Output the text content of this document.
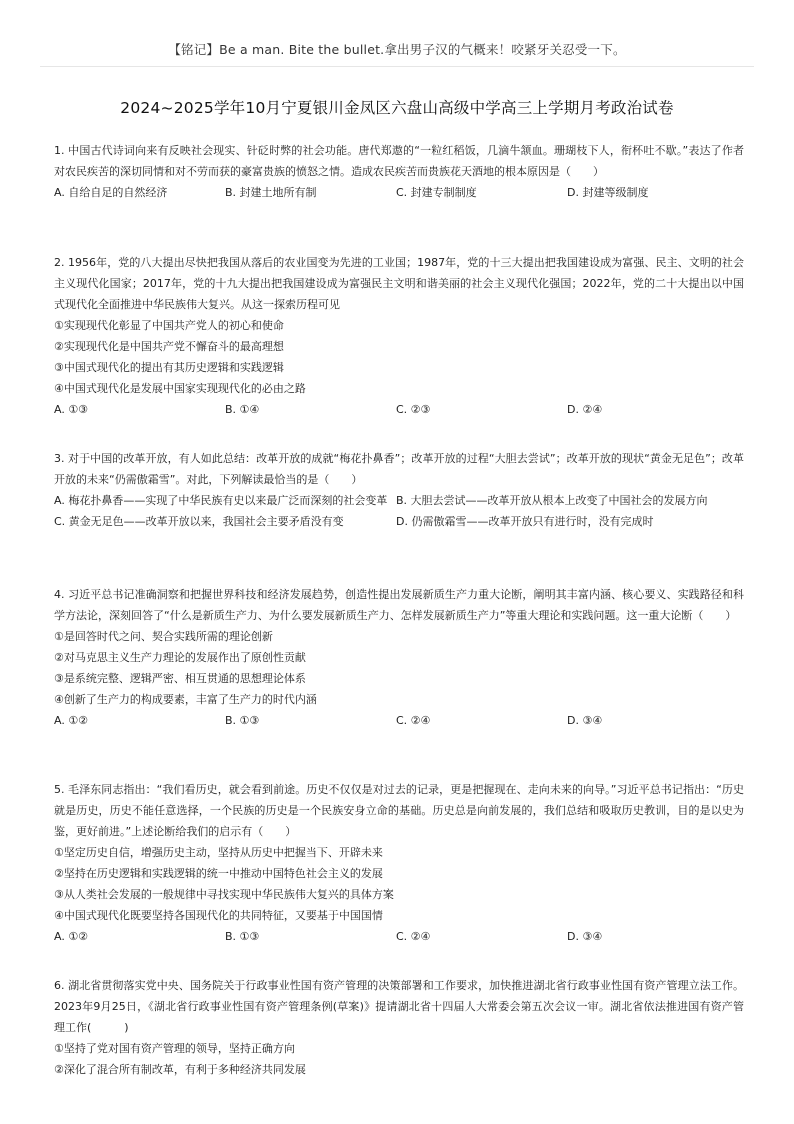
【铭记】Be a man. Bite the bullet.拿出男子汉的气概来！咬紧牙关忍受一下。
2024~2025学年10月宁夏银川金凤区六盘山高级中学高三上学期月考政治试卷

1. 中国古代诗词向来有反映社会现实、针砭时弊的社会功能。唐代郑遨的“一粒红稻饭，几滴牛颔血。珊瑚枝下人，衔杯吐不歇。”表达了作者对农民疾苦的深切同情和对不劳而获的豪富贵族的愤怒之情。造成农民疾苦而贵族花天酒地的根本原因是（　　）

A. 自给自足的自然经济	B. 封建土地所有制	C. 封建专制制度	D. 封建等级制度

2. 1956年，党的八大提出尽快把我国从落后的农业国变为先进的工业国；1987年，党的十三大提出把我国建设成为富强、民主、文明的社会主义现代化国家；2017年，党的十九大提出把我国建设成为富强民主文明和谐美丽的社会主义现代化强国；2022年，党的二十大提出以中国式现代化全面推进中华民族伟大复兴。从这一探索历程可见

①实现现代化彰显了中国共产党人的初心和使命

②实现现代化是中国共产党不懈奋斗的最高理想

③中国式现代化的提出有其历史逻辑和实践逻辑

④中国式现代化是发展中国家实现现代化的必由之路

A. ①③	B. ①④	C. ②③	D. ②④

3. 对于中国的改革开放，有人如此总结：改革开放的成就“梅花扑鼻香”；改革开放的过程“大胆去尝试”；改革开放的现状“黄金无足色”；改革开放的未来“仍需傲霜雪”。对此，下列解读最恰当的是（　　）

A. 梅花扑鼻香——实现了中华民族有史以来最广泛而深刻的社会变革 B. 大胆去尝试——改革开放从根本上改变了中国社会的发展方向
C. 黄金无足色——改革开放以来，我国社会主要矛盾没有变	D. 仍需傲霜雪——改革开放只有进行时，没有完成时

4. 习近平总书记准确洞察和把握世界科技和经济发展趋势，创造性提出发展新质生产力重大论断，阐明其丰富内涵、核心要义、实践路径和科学方法论，深刻回答了“什么是新质生产力、为什么要发展新质生产力、怎样发展新质生产力”等重大理论和实践问题。这一重大论断（　　）

①是回答时代之问、契合实践所需的理论创新

②对马克思主义生产力理论的发展作出了原创性贡献

③是系统完整、逻辑严密、相互贯通的思想理论体系

④创新了生产力的构成要素，丰富了生产力的时代内涵

A. ①②	B. ①③	C. ②④	D. ③④

5. 毛泽东同志指出：“我们看历史，就会看到前途。历史不仅仅是对过去的记录，更是把握现在、走向未来的向导。”习近平总书记指出：“历史就是历史，历史不能任意选择，一个民族的历史是一个民族安身立命的基础。历史总是向前发展的，我们总结和吸取历史教训，目的是以史为鉴，更好前进。”上述论断给我们的启示有（　　）

①坚定历史自信，增强历史主动，坚持从历史中把握当下、开辟未来

②坚持在历史逻辑和实践逻辑的统一中推动中国特色社会主义的发展

③从人类社会发展的一般规律中寻找实现中华民族伟大复兴的具体方案

④中国式现代化既要坚持各国现代化的共同特征，又要基于中国国情

A. ①②	B. ①③	C. ②④	D. ③④

6. 湖北省贯彻落实党中央、国务院关于行政事业性国有资产管理的决策部署和工作要求，加快推进湖北省行政事业性国有资产管理立法工作。2023年9月25日，《湖北省行政事业性国有资产管理条例(草案)》提请湖北省十四届人大常委会第五次会议一审。湖北省依法推进国有资产管理工作(　　　)

①坚持了党对国有资产管理的领导，坚持正确方向

②深化了混合所有制改革，有利于多种经济共同发展
